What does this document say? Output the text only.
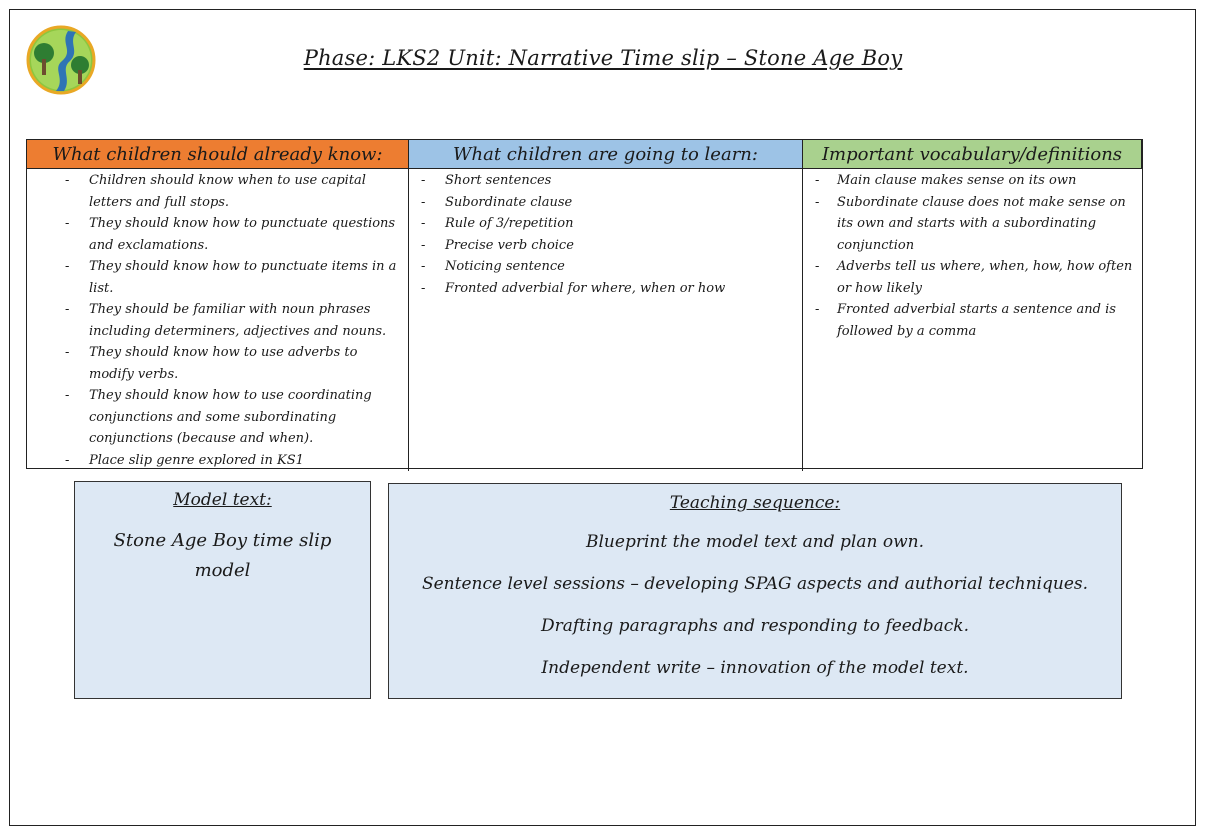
Phase: LKS2 Unit: Narrative Time slip – Stone Age Boy
What children should already know:	What children are going to learn:	Important vocabulary/definitions
- Children should know when to use capital letters and full stops.
- They should know how to punctuate questions and exclamations.
- They should know how to punctuate items in a list.
- They should be familiar with noun phrases including determiners, adjectives and nouns.
- They should know how to use adverbs to modify verbs.
- They should know how to use coordinating conjunctions and some subordinating conjunctions (because and when).
- Place slip genre explored in KS1
- Short sentences
- Subordinate clause
- Rule of 3/repetition
- Precise verb choice
- Noticing sentence
- Fronted adverbial for where, when or how
- Main clause makes sense on its own
- Subordinate clause does not make sense on its own and starts with a subordinating conjunction
- Adverbs tell us where, when, how, how often or how likely
- Fronted adverbial starts a sentence and is followed by a comma
Model text:
Stone Age Boy time slip model
Teaching sequence:
Blueprint the model text and plan own.
Sentence level sessions – developing SPAG aspects and authorial techniques.
Drafting paragraphs and responding to feedback.
Independent write – innovation of the model text.
